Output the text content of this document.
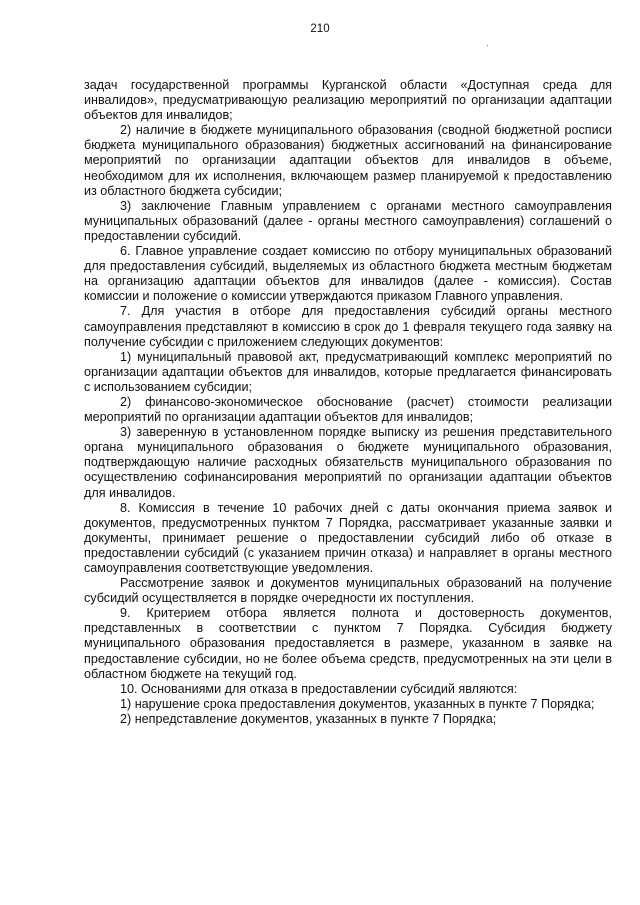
210

задач государственной программы Курганской области «Доступная среда для инвалидов», предусматривающую реализацию мероприятий по организации адаптации объектов для инвалидов;

2) наличие в бюджете муниципального образования (сводной бюджетной росписи бюджета муниципального образования) бюджетных ассигнований на финансирование мероприятий по организации адаптации объектов для инвалидов в объеме, необходимом для их исполнения, включающем размер планируемой к предоставлению из областного бюджета субсидии;

3) заключение Главным управлением с органами местного самоуправления муниципальных образований (далее - органы местного самоуправления) соглашений о предоставлении субсидий.

6. Главное управление создает комиссию по отбору муниципальных образований для предоставления субсидий, выделяемых из областного бюджета местным бюджетам на организацию адаптации объектов для инвалидов (далее - комиссия). Состав комиссии и положение о комиссии утверждаются приказом Главного управления.

7. Для участия в отборе для предоставления субсидий органы местного самоуправления представляют в комиссию в срок до 1 февраля текущего года заявку на получение субсидии с приложением следующих документов:

1) муниципальный правовой акт, предусматривающий комплекс мероприятий по организации адаптации объектов для инвалидов, которые предлагается финансировать с использованием субсидии;

2) финансово-экономическое обоснование (расчет) стоимости реализации мероприятий по организации адаптации объектов для инвалидов;

3) заверенную в установленном порядке выписку из решения представительного органа муниципального образования о бюджете муниципального образования, подтверждающую наличие расходных обязательств муниципального образования по осуществлению софинансирования мероприятий по организации адаптации объектов для инвалидов.

8. Комиссия в течение 10 рабочих дней с даты окончания приема заявок и документов, предусмотренных пунктом 7 Порядка, рассматривает указанные заявки и документы, принимает решение о предоставлении субсидий либо об отказе в предоставлении субсидий (с указанием причин отказа) и направляет в органы местного самоуправления соответствующие уведомления.

Рассмотрение заявок и документов муниципальных образований на получение субсидий осуществляется в порядке очередности их поступления.

9. Критерием отбора является полнота и достоверность документов, представленных в соответствии с пунктом 7 Порядка. Субсидия бюджету муниципального образования предоставляется в размере, указанном в заявке на предоставление субсидии, но не более объема средств, предусмотренных на эти цели в областном бюджете на текущий год.

10. Основаниями для отказа в предоставлении субсидий являются:

1) нарушение срока предоставления документов, указанных в пункте 7 Порядка;

2) непредставление документов, указанных в пункте 7 Порядка;
